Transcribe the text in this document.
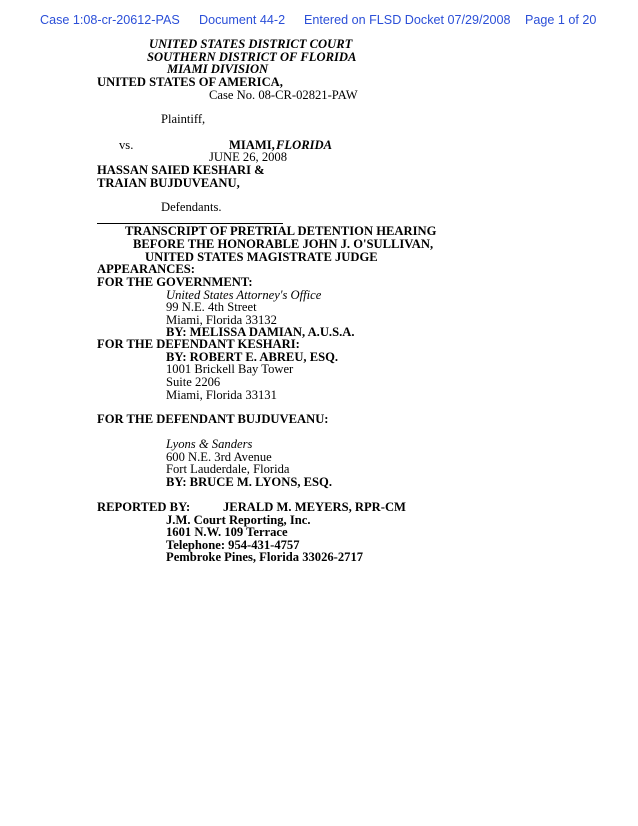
Case 1:08-cr-20612-PAS Document 44-2 Entered on FLSD Docket 07/29/2008 Page 1 of 20
UNITED STATES DISTRICT COURT
SOUTHERN DISTRICT OF FLORIDA
MIAMI DIVISION
UNITED STATES OF AMERICA,
Case No. 08-CR-02821-PAW
Plaintiff,
vs.	MIAMI, FLORIDA
JUNE 26, 2008
HASSAN SAIED KESHARI &
TRAIAN BUJDUVEANU,
Defendants.
TRANSCRIPT OF PRETRIAL DETENTION HEARING
BEFORE THE HONORABLE JOHN J. O'SULLIVAN,
UNITED STATES MAGISTRATE JUDGE
APPEARANCES:
FOR THE GOVERNMENT:
United States Attorney's Office
99 N.E. 4th Street
Miami, Florida 33132
BY: MELISSA DAMIAN, A.U.S.A.
FOR THE DEFENDANT KESHARI:
BY: ROBERT E. ABREU, ESQ.
1001 Brickell Bay Tower
Suite 2206
Miami, Florida 33131
FOR THE DEFENDANT BUJDUVEANU:
Lyons & Sanders
600 N.E. 3rd Avenue
Fort Lauderdale, Florida
BY: BRUCE M. LYONS, ESQ.
REPORTED BY:	JERALD M. MEYERS, RPR-CM
J.M. Court Reporting, Inc.
1601 N.W. 109 Terrace
Telephone: 954-431-4757
Pembroke Pines, Florida 33026-2717
